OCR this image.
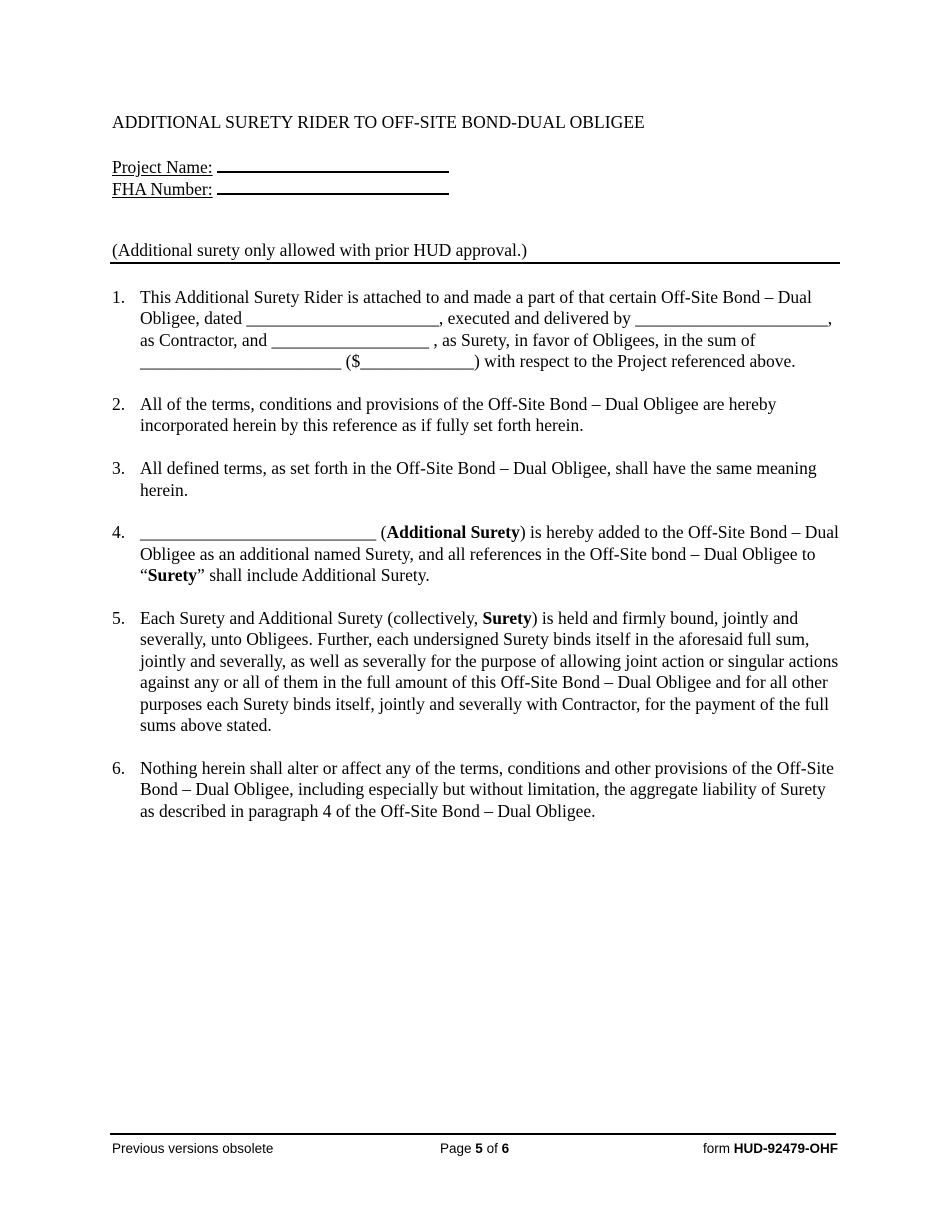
ADDITIONAL SURETY RIDER TO OFF-SITE BOND-DUAL OBLIGEE
Project Name:
FHA Number:
(Additional surety only allowed with prior HUD approval.)
1. This Additional Surety Rider is attached to and made a part of that certain Off-Site Bond – Dual Obligee, dated ______________________, executed and delivered by ______________________, as Contractor, and __________________ , as Surety, in favor of Obligees, in the sum of _______________________ ($_____________) with respect to the Project referenced above.
2. All of the terms, conditions and provisions of the Off-Site Bond – Dual Obligee are hereby incorporated herein by this reference as if fully set forth herein.
3. All defined terms, as set forth in the Off-Site Bond – Dual Obligee, shall have the same meaning herein.
4. ___________________________ (Additional Surety) is hereby added to the Off-Site Bond – Dual Obligee as an additional named Surety, and all references in the Off-Site bond – Dual Obligee to “Surety” shall include Additional Surety.
5. Each Surety and Additional Surety (collectively, Surety) is held and firmly bound, jointly and severally, unto Obligees. Further, each undersigned Surety binds itself in the aforesaid full sum, jointly and severally, as well as severally for the purpose of allowing joint action or singular actions against any or all of them in the full amount of this Off-Site Bond – Dual Obligee and for all other purposes each Surety binds itself, jointly and severally with Contractor, for the payment of the full sums above stated.
6. Nothing herein shall alter or affect any of the terms, conditions and other provisions of the Off-Site Bond – Dual Obligee, including especially but without limitation, the aggregate liability of Surety as described in paragraph 4 of the Off-Site Bond – Dual Obligee.
Previous versions obsolete	Page 5 of 6	form HUD-92479-OHF
